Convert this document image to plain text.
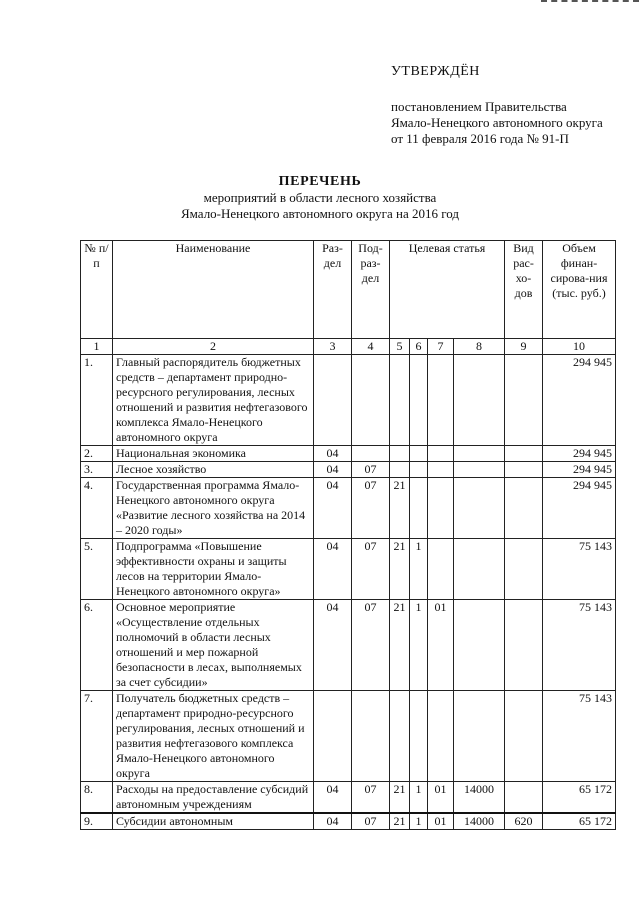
УТВЕРЖДЁН
постановлением Правительства
Ямало-Ненецкого автономного округа
от 11 февраля 2016 года № 91-П
ПЕРЕЧЕНЬ
мероприятий в области лесного хозяйства
Ямало-Ненецкого автономного округа на 2016 год
№ п/п	Наименование	Раз-дел	Под-раз-дел	Целевая статья				Вид рас-хо-дов	Объем финан-сирова-ния (тыс. руб.)
1	2	3	4	5	6	7	8	9	10
1.	Главный распорядитель бюджетных средств – департамент природно-ресурсного регулирования, лесных отношений и развития нефтегазового комплекса Ямало-Ненецкого автономного округа								294 945
2.	Национальная экономика	04							294 945
3.	Лесное хозяйство	04	07						294 945
4.	Государственная программа Ямало-Ненецкого автономного округа «Развитие лесного хозяйства на 2014 – 2020 годы»	04	07	21					294 945
5.	Подпрограмма «Повышение эффективности охраны и защиты лесов на территории Ямало-Ненецкого автономного округа»	04	07	21	1				75 143
6.	Основное мероприятие «Осуществление отдельных полномочий в области лесных отношений и мер пожарной безопасности в лесах, выполняемых за счет субсидии»	04	07	21	1	01			75 143
7.	Получатель бюджетных средств – департамент природно-ресурсного регулирования, лесных отношений и развития нефтегазового комплекса Ямало-Ненецкого автономного округа								75 143
8.	Расходы на предоставление субсидий автономным учреждениям	04	07	21	1	01	14000		65 172
9.	Субсидии автономным	04	07	21	1	01	14000	620	65 172
